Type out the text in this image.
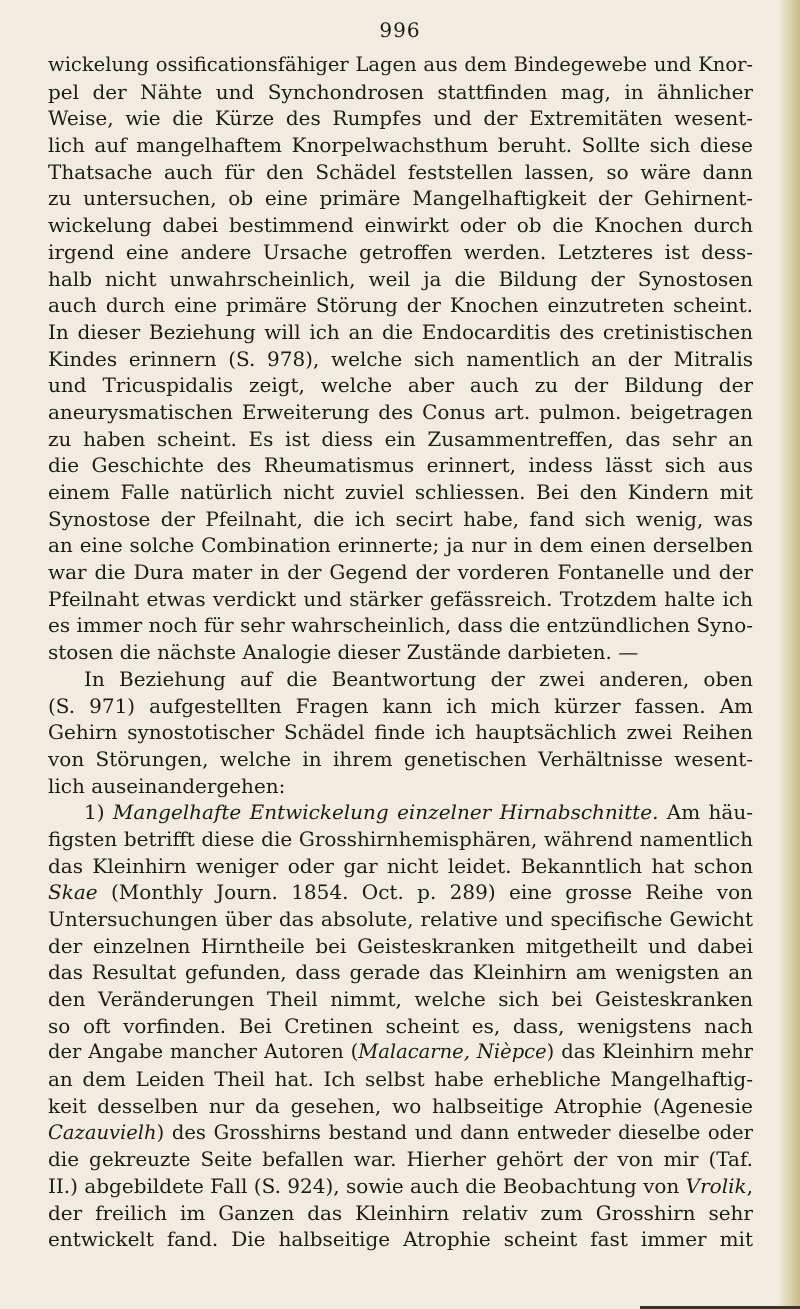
996
wickelung ossificationsfähiger Lagen aus dem Bindegewebe und Knor-
pel der Nähte und Synchondrosen stattfinden mag, in ähnlicher
Weise, wie die Kürze des Rumpfes und der Extremitäten wesent-
lich auf mangelhaftem Knorpelwachsthum beruht. Sollte sich diese
Thatsache auch für den Schädel feststellen lassen, so wäre dann
zu untersuchen, ob eine primäre Mangelhaftigkeit der Gehirnent-
wickelung dabei bestimmend einwirkt oder ob die Knochen durch
irgend eine andere Ursache getroffen werden. Letzteres ist dess-
halb nicht unwahrscheinlich, weil ja die Bildung der Synostosen
auch durch eine primäre Störung der Knochen einzutreten scheint.
In dieser Beziehung will ich an die Endocarditis des cretinistischen
Kindes erinnern (S. 978), welche sich namentlich an der Mitralis
und Tricuspidalis zeigt, welche aber auch zu der Bildung der
aneurysmatischen Erweiterung des Conus art. pulmon. beigetragen
zu haben scheint. Es ist diess ein Zusammentreffen, das sehr an
die Geschichte des Rheumatismus erinnert, indess lässt sich aus
einem Falle natürlich nicht zuviel schliessen. Bei den Kindern mit
Synostose der Pfeilnaht, die ich secirt habe, fand sich wenig, was
an eine solche Combination erinnerte; ja nur in dem einen derselben
war die Dura mater in der Gegend der vorderen Fontanelle und der
Pfeilnaht etwas verdickt und stärker gefässreich. Trotzdem halte ich
es immer noch für sehr wahrscheinlich, dass die entzündlichen Syno-
stosen die nächste Analogie dieser Zustände darbieten. —
In Beziehung auf die Beantwortung der zwei anderen, oben
(S. 971) aufgestellten Fragen kann ich mich kürzer fassen. Am
Gehirn synostotischer Schädel finde ich hauptsächlich zwei Reihen
von Störungen, welche in ihrem genetischen Verhältnisse wesent-
lich auseinandergehen:
1) Mangelhafte Entwickelung einzelner Hirnabschnitte. Am häu-
figsten betrifft diese die Grosshirnhemisphären, während namentlich
das Kleinhirn weniger oder gar nicht leidet. Bekanntlich hat schon
Skae (Monthly Journ. 1854. Oct. p. 289) eine grosse Reihe von
Untersuchungen über das absolute, relative und specifische Gewicht
der einzelnen Hirntheile bei Geisteskranken mitgetheilt und dabei
das Resultat gefunden, dass gerade das Kleinhirn am wenigsten an
den Veränderungen Theil nimmt, welche sich bei Geisteskranken
so oft vorfinden. Bei Cretinen scheint es, dass, wenigstens nach
der Angabe mancher Autoren (Malacarne, Nièpce) das Kleinhirn mehr
an dem Leiden Theil hat. Ich selbst habe erhebliche Mangelhaftig-
keit desselben nur da gesehen, wo halbseitige Atrophie (Agenesie
Cazauvielh) des Grosshirns bestand und dann entweder dieselbe oder
die gekreuzte Seite befallen war. Hierher gehört der von mir (Taf.
II.) abgebildete Fall (S. 924), sowie auch die Beobachtung von Vrolik,
der freilich im Ganzen das Kleinhirn relativ zum Grosshirn sehr
entwickelt fand. Die halbseitige Atrophie scheint fast immer mit
